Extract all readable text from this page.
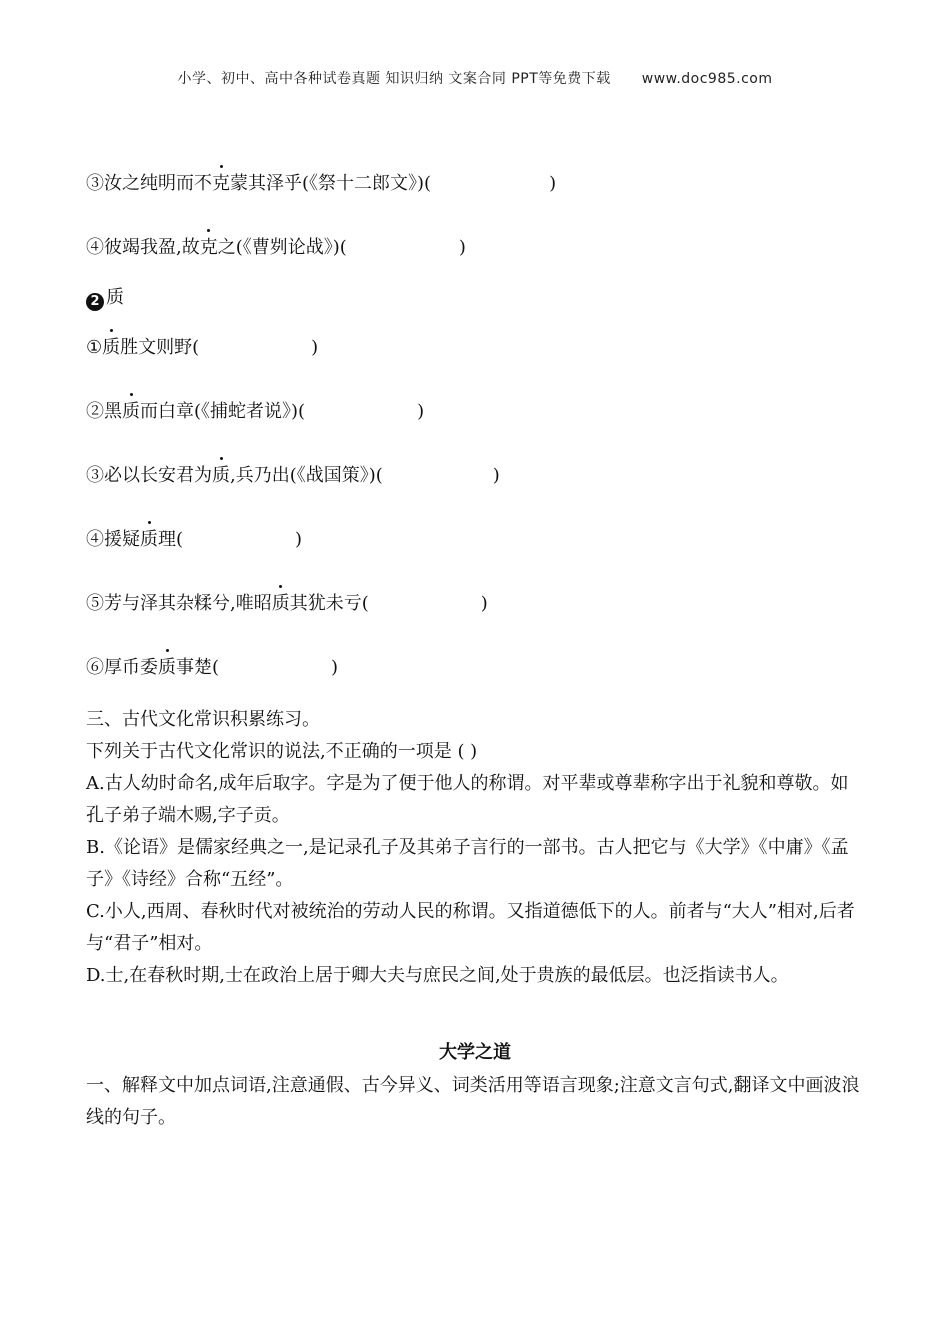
小学、初中、高中各种试卷真题 知识归纳 文案合同 PPT等免费下载 www.doc985.com
③汝之纯明而不克蒙其泽乎(《祭十二郎文》)(	)
④彼竭我盈,故克之(《曹刿论战》)(	)
2 质
①质胜文则野(	)
②黑质而白章(《捕蛇者说》)(	)
③必以长安君为质,兵乃出(《战国策》)(	)
④援疑质理(	)
⑤芳与泽其杂糅兮,唯昭质其犹未亏(	)
⑥厚币委质事楚(	)
三、古代文化常识积累练习。
下列关于古代文化常识的说法,不正确的一项是 ( )
A.古人幼时命名,成年后取字。字是为了便于他人的称谓。对平辈或尊辈称字出于礼貌和尊敬。如孔子弟子端木赐,字子贡。
B.《论语》是儒家经典之一,是记录孔子及其弟子言行的一部书。古人把它与《大学》《中庸》《孟子》《诗经》合称“五经”。
C.小人,西周、春秋时代对被统治的劳动人民的称谓。又指道德低下的人。前者与“大人”相对,后者与“君子”相对。
D.士,在春秋时期,士在政治上居于卿大夫与庶民之间,处于贵族的最低层。也泛指读书人。
大学之道
一、解释文中加点词语,注意通假、古今异义、词类活用等语言现象;注意文言句式,翻译文中画波浪线的句子。
